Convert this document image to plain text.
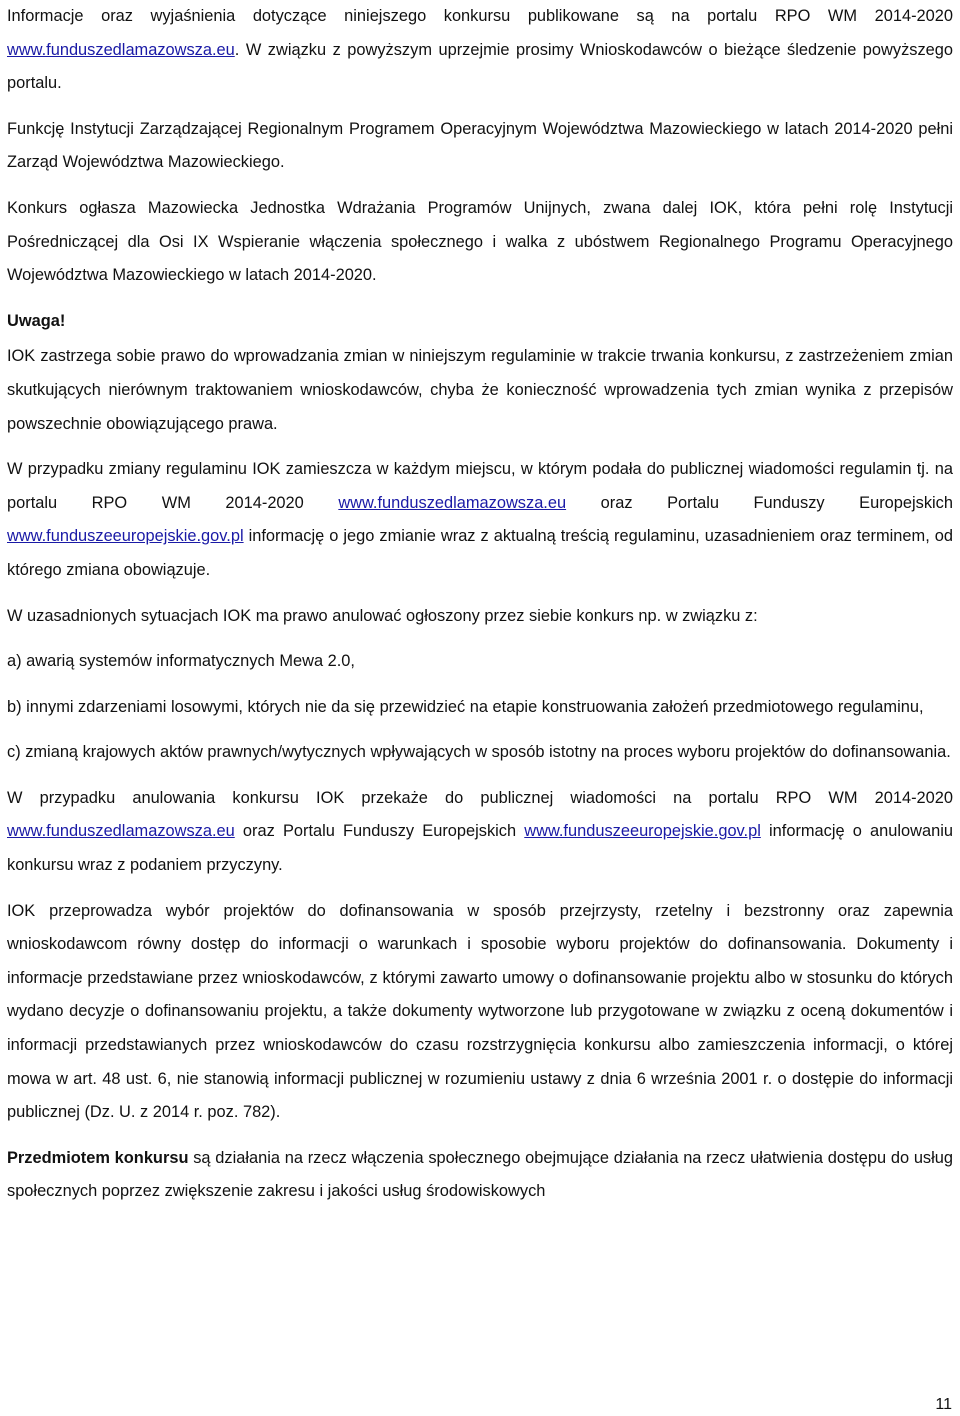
Informacje oraz wyjaśnienia dotyczące niniejszego konkursu publikowane są na portalu RPO WM 2014-2020 www.funduszedlamazowsza.eu. W związku z powyższym uprzejmie prosimy Wnioskodawców o bieżące śledzenie powyższego portalu.

Funkcję Instytucji Zarządzającej Regionalnym Programem Operacyjnym Województwa Mazowieckiego w latach 2014-2020 pełni Zarząd Województwa Mazowieckiego.

Konkurs ogłasza Mazowiecka Jednostka Wdrażania Programów Unijnych, zwana dalej IOK, która pełni rolę Instytucji Pośredniczącej dla Osi IX Wspieranie włączenia społecznego i walka z ubóstwem Regionalnego Programu Operacyjnego Województwa Mazowieckiego w latach 2014-2020.

Uwaga!

IOK zastrzega sobie prawo do wprowadzania zmian w niniejszym regulaminie w trakcie trwania konkursu, z zastrzeżeniem zmian skutkujących nierównym traktowaniem wnioskodawców, chyba że konieczność wprowadzenia tych zmian wynika z przepisów powszechnie obowiązującego prawa.

W przypadku zmiany regulaminu IOK zamieszcza w każdym miejscu, w którym podała do publicznej wiadomości regulamin tj. na portalu RPO WM 2014-2020 www.funduszedlamazowsza.eu oraz Portalu Funduszy Europejskich www.funduszeeuropejskie.gov.pl informację o jego zmianie wraz z aktualną treścią regulaminu, uzasadnieniem oraz terminem, od którego zmiana obowiązuje.

W uzasadnionych sytuacjach IOK ma prawo anulować ogłoszony przez siebie konkurs np. w związku z:

a) awarią systemów informatycznych Mewa 2.0,

b) innymi zdarzeniami losowymi, których nie da się przewidzieć na etapie konstruowania założeń przedmiotowego regulaminu,

c) zmianą krajowych aktów prawnych/wytycznych wpływających w sposób istotny na proces wyboru projektów do dofinansowania.

W przypadku anulowania konkursu IOK przekaże do publicznej wiadomości na portalu RPO WM 2014-2020 www.funduszedlamazowsza.eu oraz Portalu Funduszy Europejskich www.funduszeeuropejskie.gov.pl informację o anulowaniu konkursu wraz z podaniem przyczyny.

IOK przeprowadza wybór projektów do dofinansowania w sposób przejrzysty, rzetelny i bezstronny oraz zapewnia wnioskodawcom równy dostęp do informacji o warunkach i sposobie wyboru projektów do dofinansowania. Dokumenty i informacje przedstawiane przez wnioskodawców, z którymi zawarto umowy o dofinansowanie projektu albo w stosunku do których wydano decyzje o dofinansowaniu projektu, a także dokumenty wytworzone lub przygotowane w związku z oceną dokumentów i informacji przedstawianych przez wnioskodawców do czasu rozstrzygnięcia konkursu albo zamieszczenia informacji, o której mowa w art. 48 ust. 6, nie stanowią informacji publicznej w rozumieniu ustawy z dnia 6 września 2001 r. o dostępie do informacji publicznej (Dz. U. z 2014 r. poz. 782).

Przedmiotem konkursu są działania na rzecz włączenia społecznego obejmujące działania na rzecz ułatwienia dostępu do usług społecznych poprzez zwiększenie zakresu i jakości usług środowiskowych

11
